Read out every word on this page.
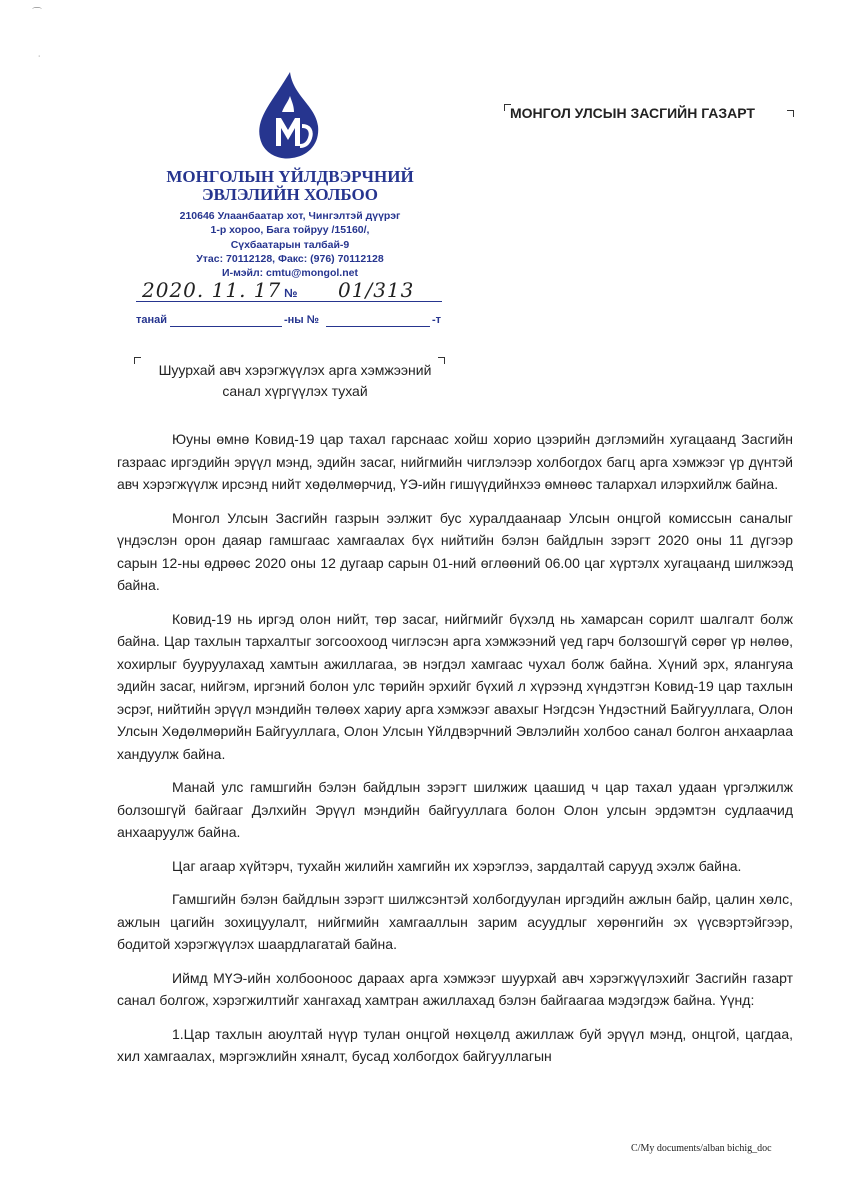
⌒
˙
МОНГОЛЫН ҮЙЛДВЭРЧНИЙ
ЭВЛЭЛИЙН ХОЛБОО
210646 Улаанбаатар хот, Чингэлтэй дүүрэг
1-р хороо, Бага тойруу /15160/,
Сүхбаатарын талбай-9
Утас: 70112128, Факс: (976) 70112128
И-мэйл: cmtu@mongol.net
2020. 11. 17 № 01/313
танай	-ны №	-т
МОНГОЛ УЛСЫН ЗАСГИЙН ГАЗАРТ
Шуурхай авч хэрэгжүүлэх арга хэмжээний
санал хүргүүлэх тухай

Юуны өмнө Ковид-19 цар тахал гарснаас хойш хорио цээрийн дэглэмийн хугацаанд Засгийн газраас иргэдийн эрүүл мэнд, эдийн засаг, нийгмийн чиглэлээр холбогдох багц арга хэмжээг үр дүнтэй авч хэрэгжүүлж ирсэнд нийт хөдөлмөрчид, ҮЭ-ийн гишүүдийнхээ өмнөөс талархал илэрхийлж байна.

Монгол Улсын Засгийн газрын ээлжит бус хуралдаанаар Улсын онцгой комиссын саналыг үндэслэн орон даяар гамшгаас хамгаалах бүх нийтийн бэлэн байдлын зэрэгт 2020 оны 11 дүгээр сарын 12-ны өдрөөс 2020 оны 12 дугаар сарын 01-ний өглөөний 06.00 цаг хүртэлх хугацаанд шилжээд байна.

Ковид-19 нь иргэд олон нийт, төр засаг, нийгмийг бүхэлд нь хамарсан сорилт шалгалт болж байна. Цар тахлын тархалтыг зогсоохоод чиглэсэн арга хэмжээний үед гарч болзошгүй сөрөг үр нөлөө, хохирлыг бууруулахад хамтын ажиллагаа, эв нэгдэл хамгаас чухал болж байна. Хүний эрх, ялангуяа эдийн засаг, нийгэм, иргэний болон улс төрийн эрхийг бүхий л хүрээнд хүндэтгэн Ковид-19 цар тахлын эсрэг, нийтийн эрүүл мэндийн төлөөх хариу арга хэмжээг авахыг Нэгдсэн Үндэстний Байгууллага, Олон Улсын Хөдөлмөрийн Байгууллага, Олон Улсын Үйлдвэрчний Эвлэлийн холбоо санал болгон анхаарлаа хандуулж байна.

Манай улс гамшгийн бэлэн байдлын зэрэгт шилжиж цаашид ч цар тахал удаан үргэлжилж болзошгүй байгааг Дэлхийн Эрүүл мэндийн байгууллага болон Олон улсын эрдэмтэн судлаачид анхааруулж байна.

Цаг агаар хүйтэрч, тухайн жилийн хамгийн их хэрэглээ, зардалтай сарууд эхэлж байна.

Гамшгийн бэлэн байдлын зэрэгт шилжсэнтэй холбогдуулан иргэдийн ажлын байр, цалин хөлс, ажлын цагийн зохицуулалт, нийгмийн хамгааллын зарим асуудлыг хөрөнгийн эх үүсвэртэйгээр, бодитой хэрэгжүүлэх шаардлагатай байна.

Иймд МҮЭ-ийн холбооноос дараах арга хэмжээг шуурхай авч хэрэгжүүлэхийг Засгийн газарт санал болгож, хэрэгжилтийг хангахад хамтран ажиллахад бэлэн байгаагаа мэдэгдэж байна. Үүнд:

1.Цар тахлын аюултай нүүр тулан онцгой нөхцөлд ажиллаж буй эрүүл мэнд, онцгой, цагдаа, хил хамгаалах, мэргэжлийн хяналт, бусад холбогдох байгууллагын

C/My documents/alban bichig_doc
